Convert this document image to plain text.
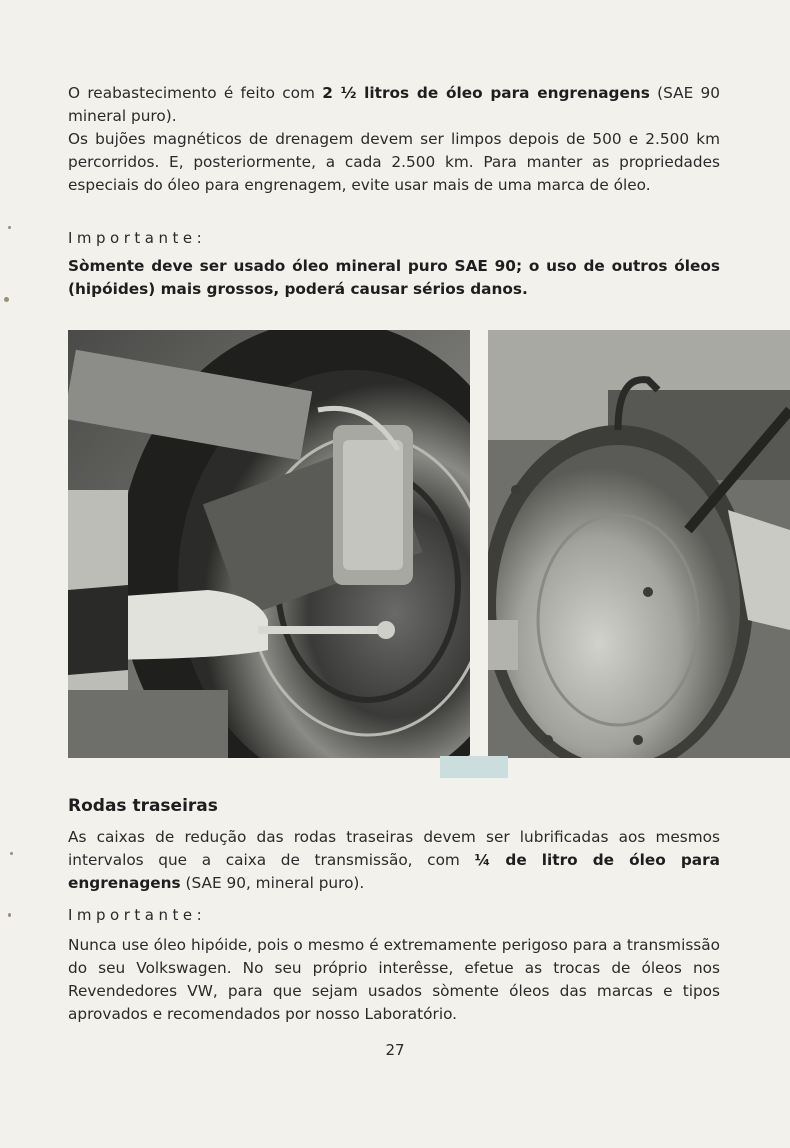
O reabastecimento é feito com 2 ½ litros de óleo para engrenagens (SAE 90 mineral puro).

Os bujões magnéticos de drenagem devem ser limpos depois de 500 e 2.500 km percorridos. E, posteriormente, a cada 2.500 km. Para manter as propriedades especiais do óleo para engrenagem, evite usar mais de uma marca de óleo.

Importante:
Sòmente deve ser usado óleo mineral puro SAE 90; o uso de outros óleos (hipóides) mais grossos, poderá causar sérios danos.
Rodas traseiras

As caixas de redução das rodas traseiras devem ser lubrificadas aos mesmos intervalos que a caixa de transmissão, com ¼ de litro de óleo para engrenagens (SAE 90, mineral puro).

Importante:
Nunca use óleo hipóide, pois o mesmo é extremamente perigoso para a transmissão do seu Volkswagen. No seu próprio interêsse, efetue as trocas de óleos nos Revendedores VW, para que sejam usados sòmente óleos das marcas e tipos aprovados e recomendados por nosso Laboratório.
27
